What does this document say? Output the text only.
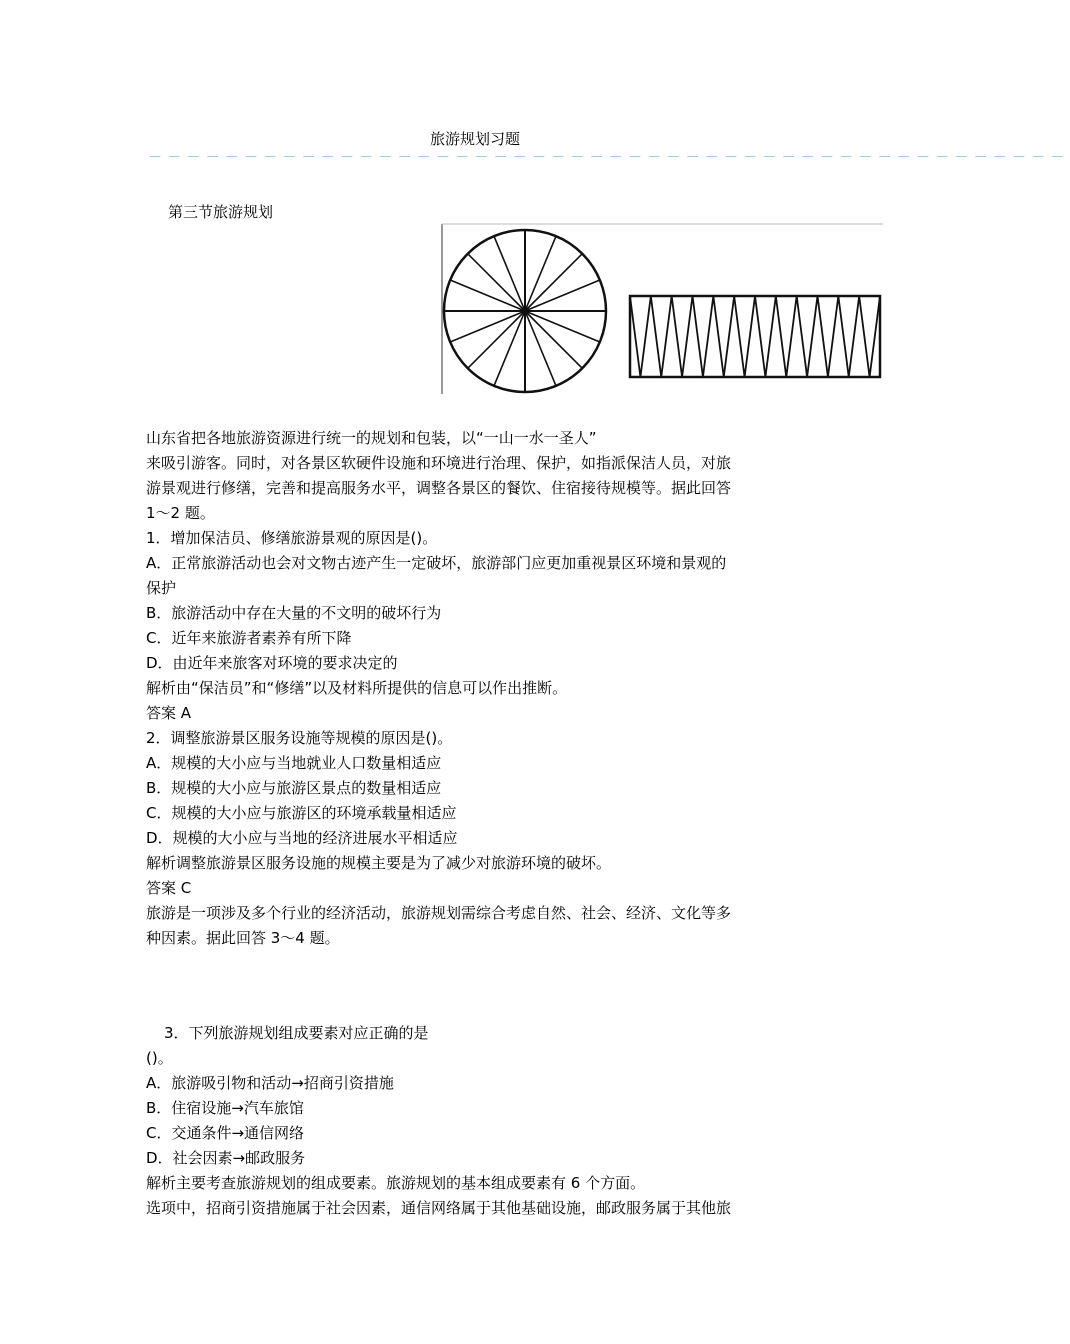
旅游规划习题
－－－－－－－－－－－－－－－－－－－－－－－－－－－－－－－－－－－－－－－－－－－－－－－－
第三节旅游规划
山东省把各地旅游资源进行统一的规划和包装，以“一山一水一圣人”
来吸引游客。同时，对各景区软硬件设施和环境进行治理、保护，如指派保洁人员，对旅
游景观进行修缮，完善和提高服务水平，调整各景区的餐饮、住宿接待规模等。据此回答
1～2 题。
1．增加保洁员、修缮旅游景观的原因是()。
A．正常旅游活动也会对文物古迹产生一定破坏，旅游部门应更加重视景区环境和景观的
保护
B．旅游活动中存在大量的不文明的破坏行为
C．近年来旅游者素养有所下降
D．由近年来旅客对环境的要求决定的
解析由“保洁员”和“修缮”以及材料所提供的信息可以作出推断。
答案 A
2．调整旅游景区服务设施等规模的原因是()。
A．规模的大小应与当地就业人口数量相适应
B．规模的大小应与旅游区景点的数量相适应
C．规模的大小应与旅游区的环境承载量相适应
D．规模的大小应与当地的经济进展水平相适应
解析调整旅游景区服务设施的规模主要是为了减少对旅游环境的破坏。
答案 C
旅游是一项涉及多个行业的经济活动，旅游规划需综合考虑自然、社会、经济、文化等多
种因素。据此回答 3～4 题。
3．下列旅游规划组成要素对应正确的是
()。
A．旅游吸引物和活动→招商引资措施
B．住宿设施→汽车旅馆
C．交通条件→通信网络
D．社会因素→邮政服务
解析主要考查旅游规划的组成要素。旅游规划的基本组成要素有 6 个方面。
选项中，招商引资措施属于社会因素，通信网络属于其他基础设施，邮政服务属于其他旅
